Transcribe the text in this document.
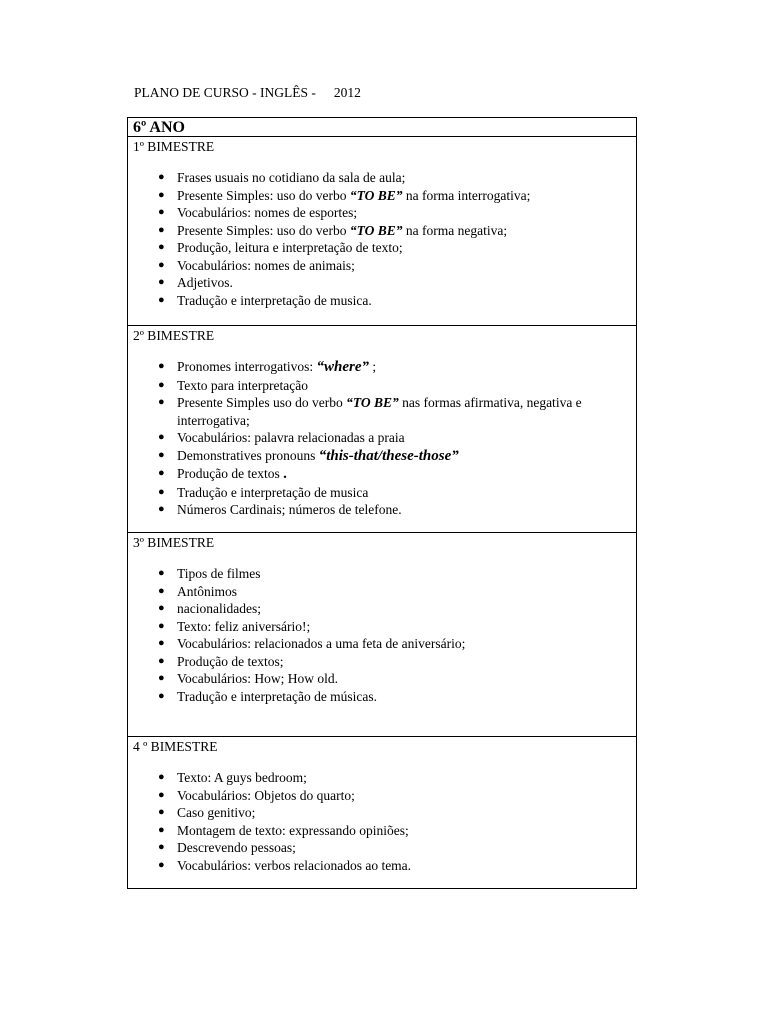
PLANO DE CURSO - INGLÊS - 2012
6º ANO
1º BIMESTRE
● Frases usuais no cotidiano da sala de aula;
● Presente Simples: uso do verbo “TO BE” na forma interrogativa;
● Vocabulários: nomes de esportes;
● Presente Simples: uso do verbo “TO BE” na forma negativa;
● Produção, leitura e interpretação de texto;
● Vocabulários: nomes de animais;
● Adjetivos.
● Tradução e interpretação de musica.
2º BIMESTRE
● Pronomes interrogativos: “where” ;
● Texto para interpretação
● Presente Simples uso do verbo “TO BE” nas formas afirmativa, negativa e interrogativa;
● Vocabulários: palavra relacionadas a praia
● Demonstratives pronouns “this-that/these-those”
● Produção de textos .
● Tradução e interpretação de musica
● Números Cardinais; números de telefone.
3º BIMESTRE
● Tipos de filmes
● Antônimos
● nacionalidades;
● Texto: feliz aniversário!;
● Vocabulários: relacionados a uma feta de aniversário;
● Produção de textos;
● Vocabulários: How; How old.
● Tradução e interpretação de músicas.
4 º BIMESTRE
● Texto: A guys bedroom;
● Vocabulários: Objetos do quarto;
● Caso genitivo;
● Montagem de texto: expressando opiniões;
● Descrevendo pessoas;
● Vocabulários: verbos relacionados ao tema.
